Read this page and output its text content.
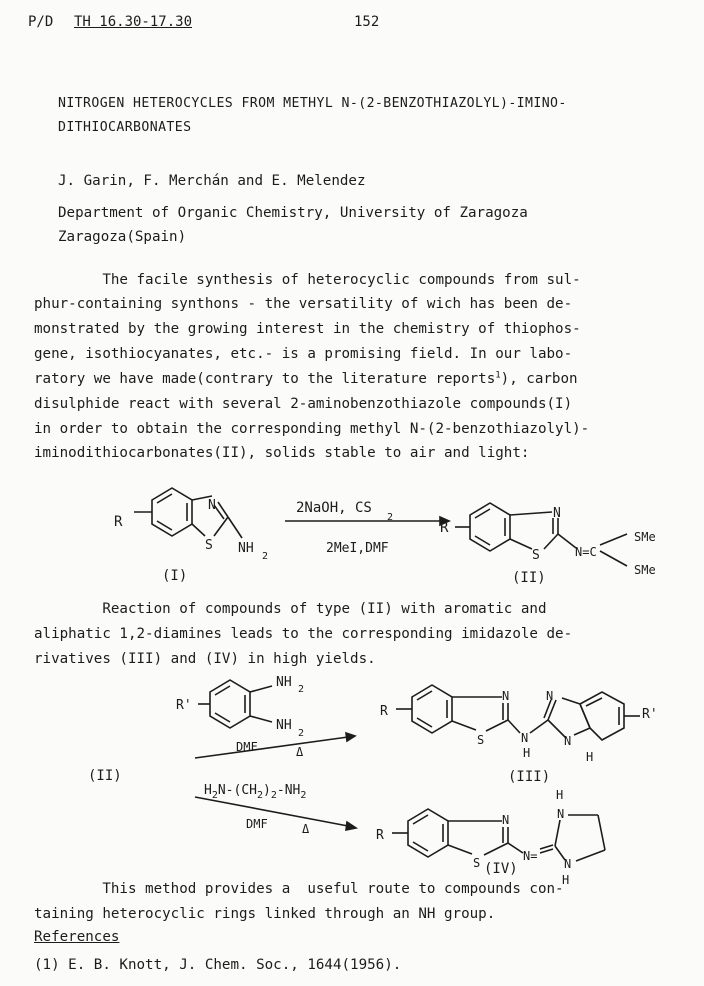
P/D TH 16.30-17.30	152
NITROGEN HETEROCYCLES FROM METHYL N-(2-BENZOTHIAZOLYL)-IMINO-
DITHIOCARBONATES
J. Garin, F. Merchán and E. Melendez
Department of Organic Chemistry, University of Zaragoza
Zaragoza(Spain)
The facile synthesis of heterocyclic compounds from sul-
phur-containing synthons - the versatility of wich has been de-
monstrated by the growing interest in the chemistry of thiophos-
gene, isothiocyanates, etc.- is a promising field. In our labo-
ratory we have made(contrary to the literature reports$^1$), carbon
disulphide react with several 2-aminobenzothiazole compounds(I)
in order to obtain the corresponding methyl N-(2-benzothiazolyl)-
iminodithiocarbonates(II), solids stable to air and light:
R
N
S NH
2
(I)
2NaOH, CS
2
2MeI,DMF
R
N
S	N=C
SMe
SMe
(II)
Reaction of compounds of type (II) with aromatic and
aliphatic 1,2-diamines leads to the corresponding imidazole de-
rivatives (III) and (IV) in high yields.
R'
NH 2
NH
2
DMF	Δ
(II)
$H_2N-(CH_2)_2-NH_2$
DMF	Δ
R
N
S	N
H
N
N
H
R'
(III)
R
N
S	N=
H
N
N
H
(IV)
This method provides a  useful route to compounds con-
taining heterocyclic rings linked through an NH group.
References
(1) E. B. Knott, J. Chem. Soc., 1644(1956).
